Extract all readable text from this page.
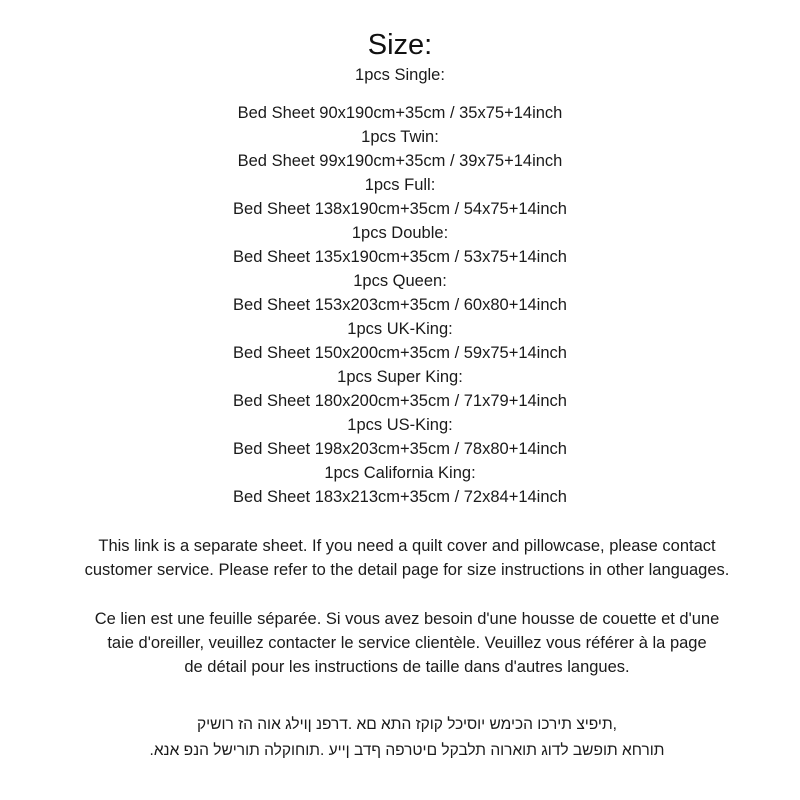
Size:
1pcs Single:
Bed Sheet 90x190cm+35cm / 35x75+14inch
1pcs Twin:
Bed Sheet 99x190cm+35cm / 39x75+14inch
1pcs Full:
Bed Sheet 138x190cm+35cm / 54x75+14inch
1pcs Double:
Bed Sheet 135x190cm+35cm / 53x75+14inch
1pcs Queen:
Bed Sheet 153x203cm+35cm / 60x80+14inch
1pcs UK-King:
Bed Sheet 150x200cm+35cm / 59x75+14inch
1pcs Super King:
Bed Sheet 180x200cm+35cm / 71x79+14inch
1pcs US-King:
Bed Sheet 198x203cm+35cm / 78x80+14inch
1pcs California King:
Bed Sheet 183x213cm+35cm / 72x84+14inch
This link is a separate sheet. If you need a quilt cover and pillowcase, please contact
customer service. Please refer to the detail page for size instructions in other languages.
Ce lien est une feuille séparée. Si vous avez besoin d'une housse de couette et d'une
taie d'oreiller, veuillez contacter le service clientèle. Veuillez vous référer à la page
de détail pour les instructions de taille dans d'autres langues.
תיפיצ תירכו הכימש יוסיכל קוקז התא םא .דרפנ ןוילג אוה הז רושיק,
.תורחא תופשב לדוג תוארוה תלבקל םיטרפה ףדב ןייע .תוחוקלה תורישל הנפ אנא
